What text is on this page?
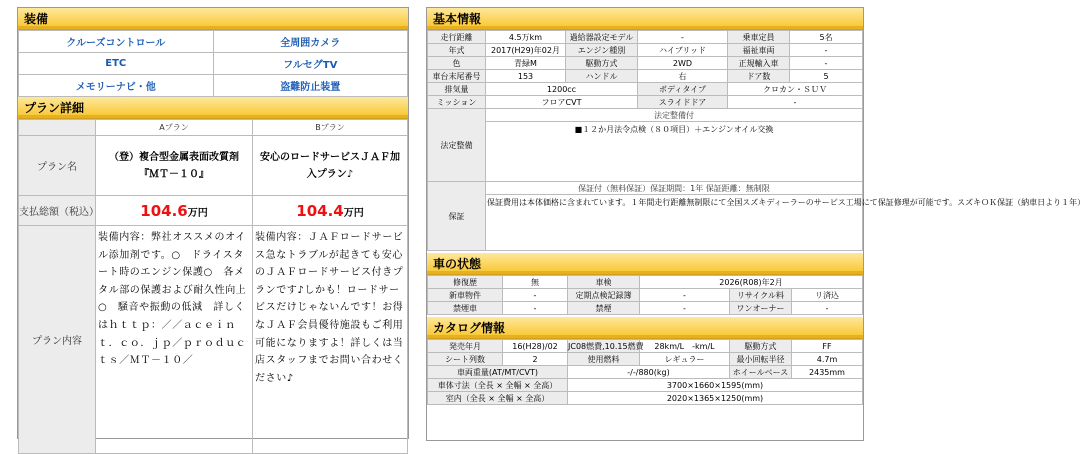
装備
クルーズコントロール	全周囲カメラ
ETC	フルセグTV
メモリーナビ・他	盗難防止装置
プラン詳細
	Aプラン	Bプラン
プラン名	（登）複合型金属表面改質剤『ＭＴ－１０』	安心のロードサービスＪＡＦ加入プラン♪
支払総額（税込）	104.6万円	104.4万円
プラン内容	装備内容：弊社オススメのオイル添加剤です。○　ドライスタート時のエンジン保護○　各メタル部の保護および耐久性向上○　騒音や振動の低減　詳しくはｈｔｔｐ：／／ａｃｅｉｎｔ．ｃｏ．ｊｐ／ｐｒｏｄｕｃｔｓ／ＭＴ－１０／	装備内容：ＪＡＦロードサービス急なトラブルが起きても安心のＪＡＦロードサービス付きプランです♪しかも！ロードサービスだけじゃないんです！お得なＪＡＦ会員優待施設もご利用可能になりますよ！詳しくは当店スタッフまでお問い合わせください♪
基本情報
走行距離	4.5万km	過給器設定モデル	-	乗車定員	5名
年式	2017(H29)年02月	エンジン種別	ハイブリッド	福祉車両	-
色	青緑M	駆動方式	2WD	正規輸入車	-
車台末尾番号	153	ハンドル	右	ドア数	5
排気量	1200cc		ボディタイプ	クロカン・ＳＵＶ	
ミッション	フロアCVT		スライドドア	-	
法定整備	法定整備付				
	■１２か月法令点検（８０項目）＋エンジンオイル交換				
保証	保証付（無料保証）保証期間：1年 保証距離：無制限				
	保証費用は本体価格に含まれています。１年間走行距離無制限にて全国スズキディーラーのサービス工場にて保証修理が可能です。スズキＯＫ保証（納車日より１年）				
車の状態
修復歴	無	車検	2026(R08)年2月		
新車物件	-	定期点検記録簿	-	リサイクル料	リ済込
禁煙車	-	禁煙	-	ワンオーナー	-
カタログ情報
発売年月	16(H28)/02	JC08燃費,10.15燃費	28km/L　-km/L	駆動方式	FF
シート列数	2	使用燃料	レギュラー	最小回転半径	4.7m
車両重量(AT/MT/CVT)		-/-/880(kg)		ホイールベース	2435mm
車体寸法（全長 × 全幅 × 全高）		3700×1660×1595(mm)			
室内（全長 × 全幅 × 全高）		2020×1365×1250(mm)			
